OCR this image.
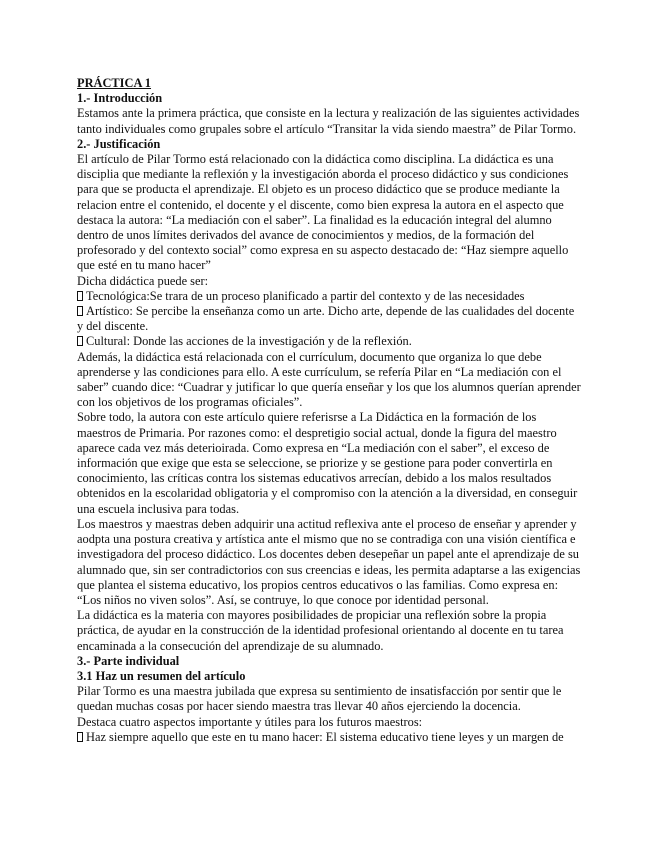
PRÁCTICA 1

1.- Introducción

Estamos ante la primera práctica, que consiste en la lectura y realización de las siguientes actividades tanto individuales como grupales sobre el artículo “Transitar la vida siendo maestra” de Pilar Tormo.

2.- Justificación

El artículo de Pilar Tormo está relacionado con la didáctica como disciplina. La didáctica es una disciplia que mediante la reflexión y la investigación aborda el proceso didáctico y sus condiciones para que se producta el aprendizaje. El objeto es un proceso didáctico que se produce mediante la relacion entre el contenido, el docente y el discente, como bien expresa la autora en el aspecto que destaca la autora: “La mediación con el saber”. La finalidad es la educación integral del alumno dentro de unos límites derivados del avance de conocimientos y medios, de la formación del profesorado y del contexto social” como expresa en su aspecto destacado de: “Haz siempre aquello que esté en tu mano hacer”

Dicha didáctica puede ser:

Tecnológica:Se trara de un proceso planificado a partir del contexto y de las necesidades

Artístico: Se percibe la enseñanza como un arte. Dicho arte, depende de las cualidades del docente y del discente.

Cultural: Donde las acciones de la investigación y de la reflexión.

Además, la didáctica está relacionada con el currículum, documento que organiza lo que debe aprenderse y las condiciones para ello. A este currículum, se refería Pilar en “La mediación con el saber” cuando dice: “Cuadrar y jutificar lo que quería enseñar y los que los alumnos querían aprender con los objetivos de los programas oficiales”.

Sobre todo, la autora con este artículo quiere referisrse a La Didáctica en la formación de los maestros de Primaria. Por razones como: el despretigio social actual, donde la figura del maestro aparece cada vez más deterioirada. Como expresa en “La mediación con el saber”, el exceso de información que exige que esta se seleccione, se priorize y se gestione para poder convertirla en conocimiento, las críticas contra los sistemas educativos arrecían, debido a los malos resultados obtenidos en la escolaridad obligatoria y el compromiso con la atención a la diversidad, en conseguir una escuela inclusiva para todas.

Los maestros y maestras deben adquirir una actitud reflexiva ante el proceso de enseñar y aprender y aodpta una postura creativa y artística ante el mismo que no se contradiga con una visión científica e investigadora del proceso didáctico. Los docentes deben desepeñar un papel ante el aprendizaje de su alumnado que, sin ser contradictorios con sus creencias e ideas, les permita adaptarse a las exigencias que plantea el sistema educativo, los propios centros educativos o las familias. Como expresa en: “Los niños no viven solos”. Así, se contruye, lo que conoce por identidad personal.

La didáctica es la materia con mayores posibilidades de propiciar una reflexión sobre la propia práctica, de ayudar en la construcción de la identidad profesional orientando al docente en tu tarea encaminada a la consecución del aprendizaje de su alumnado.

3.- Parte individual

3.1 Haz un resumen del artículo

Pilar Tormo es una maestra jubilada que expresa su sentimiento de insatisfacción por sentir que le quedan muchas cosas por hacer siendo maestra tras llevar 40 años ejerciendo la docencia.

Destaca cuatro aspectos importante y útiles para los futuros maestros:

Haz siempre aquello que este en tu mano hacer: El sistema educativo tiene leyes y un margen de
